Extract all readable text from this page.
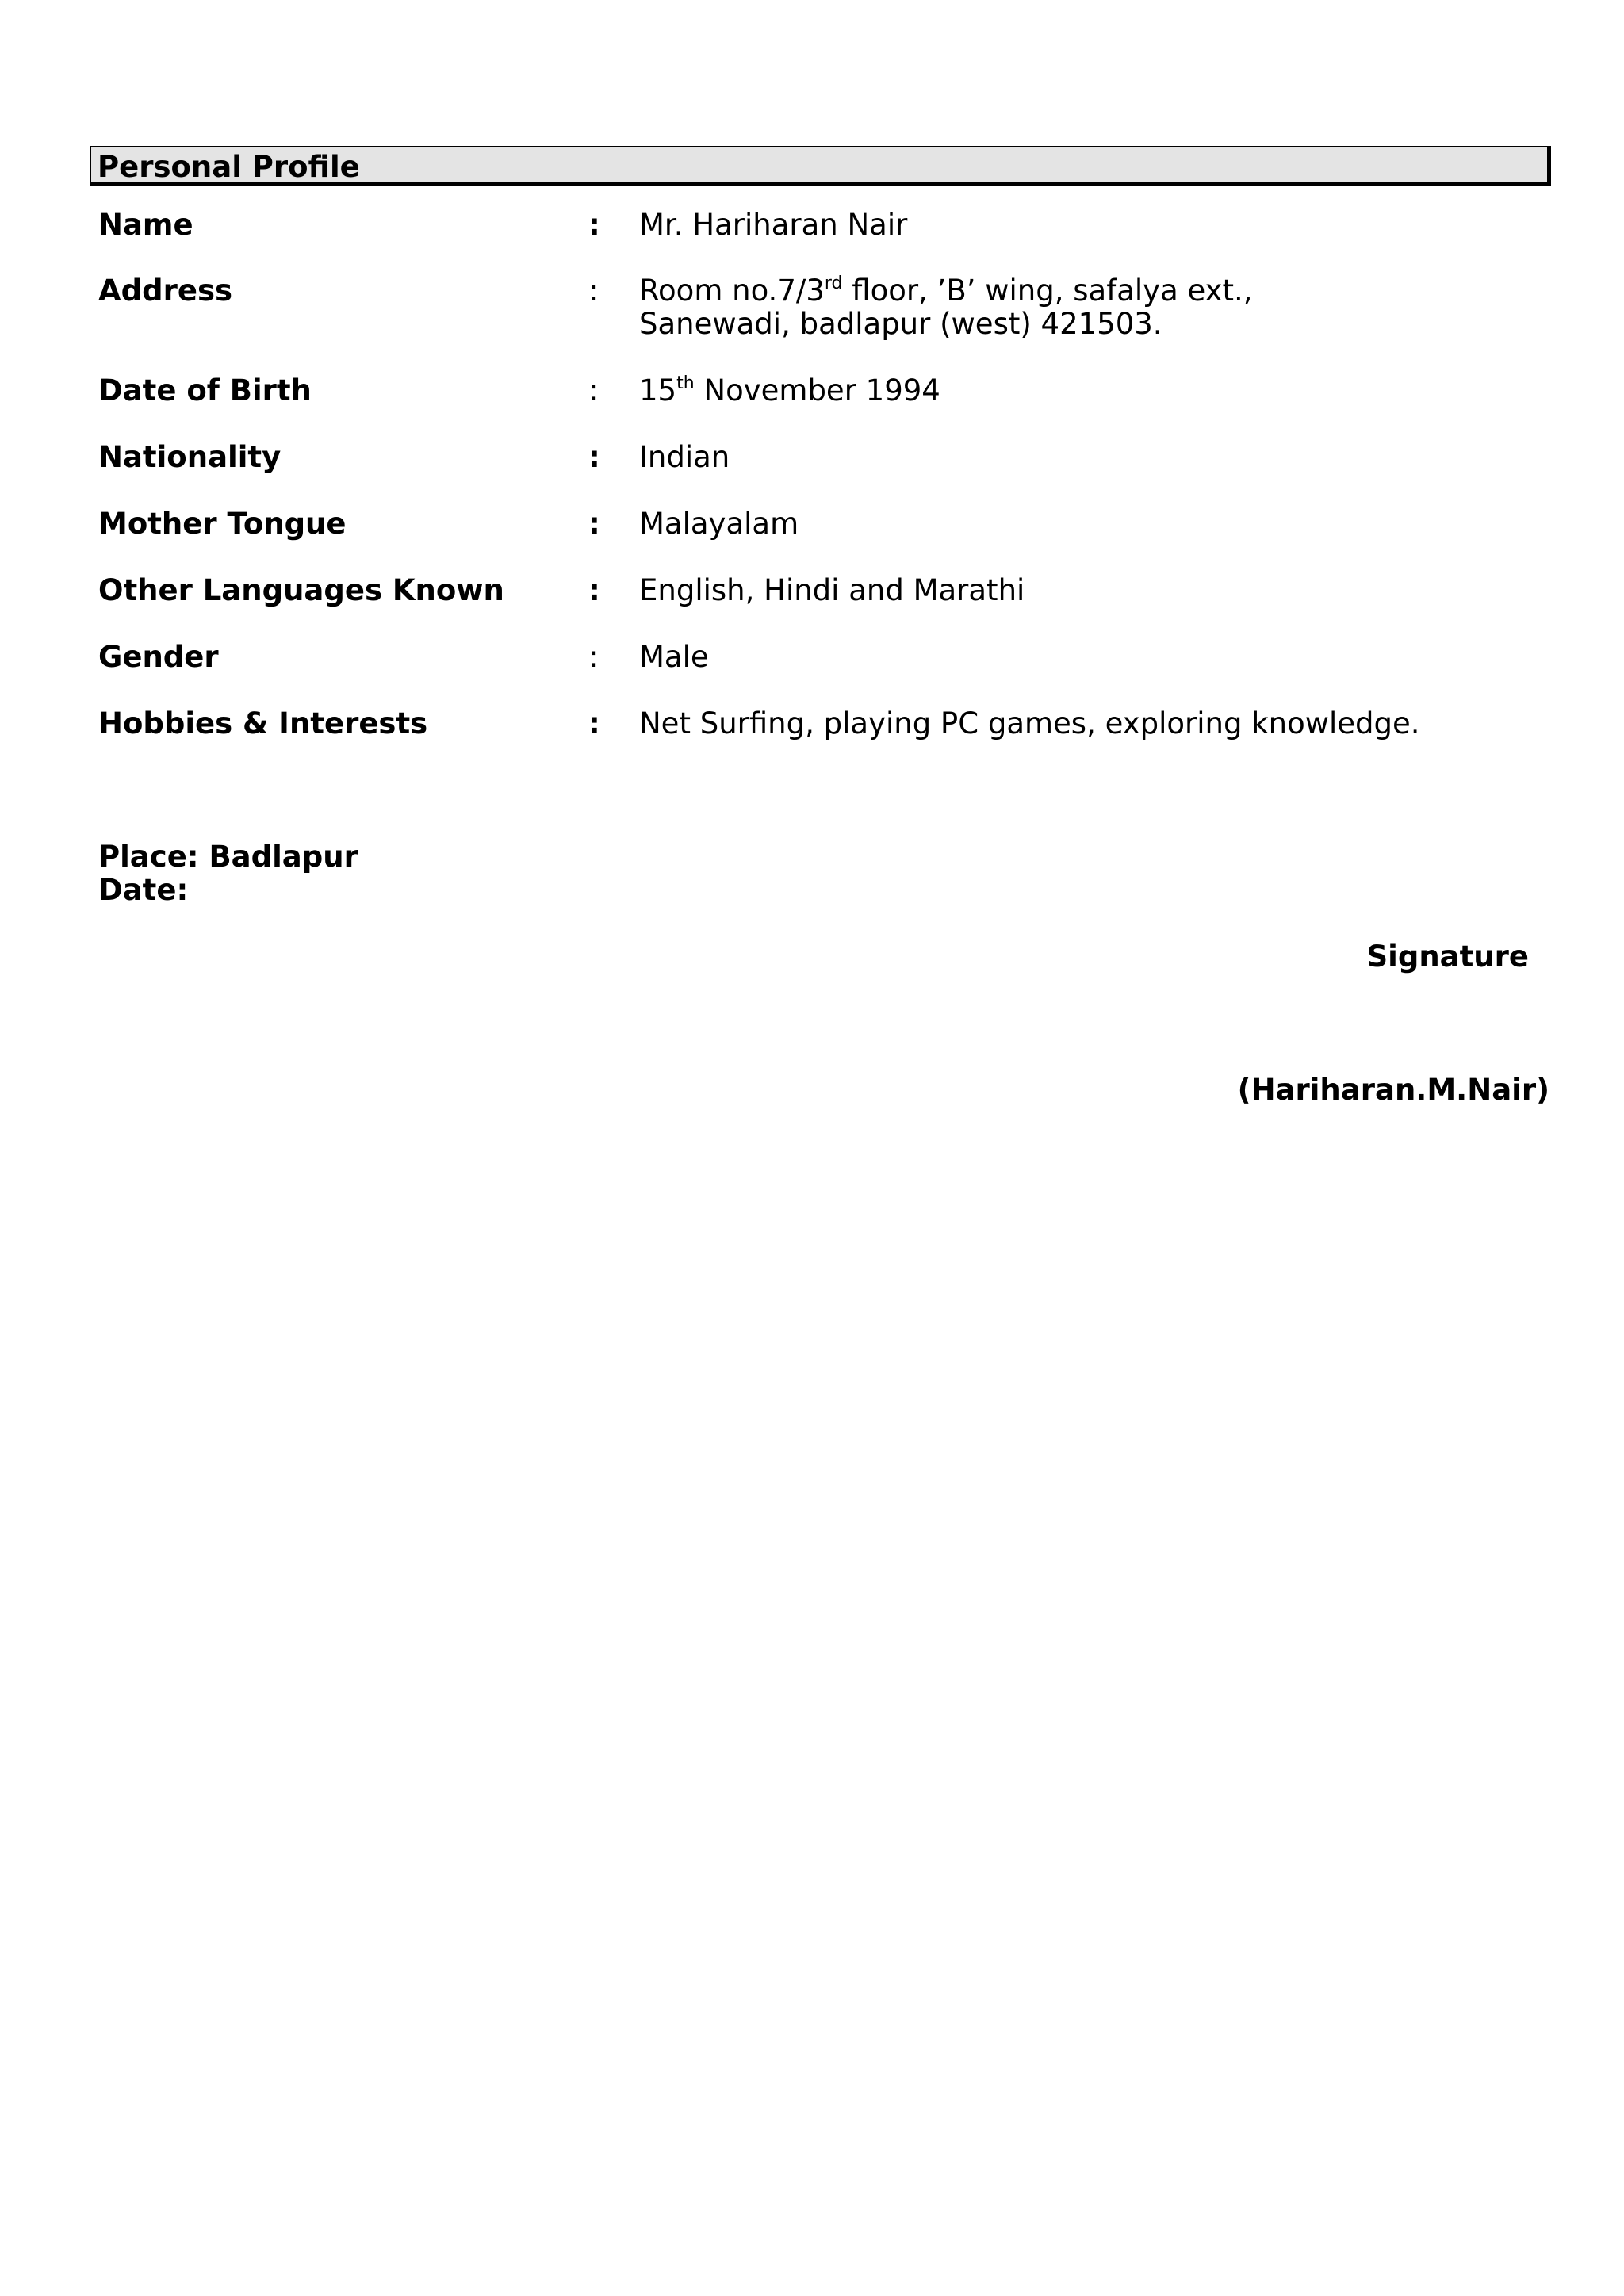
Personal Profile
Name	: Mr. Hariharan Nair
Address	: Room no.7/3rd floor, ’B’ wing, safalya ext.,
Sanewadi, badlapur (west) 421503.
Date of Birth	: 15th November 1994
Nationality	: Indian
Mother Tongue	: Malayalam
Other Languages Known	: English, Hindi and Marathi
Gender	: Male
Hobbies & Interests	: Net Surfing, playing PC games, exploring knowledge.
Place: Badlapur
Date:
Signature
(Hariharan.M.Nair)
